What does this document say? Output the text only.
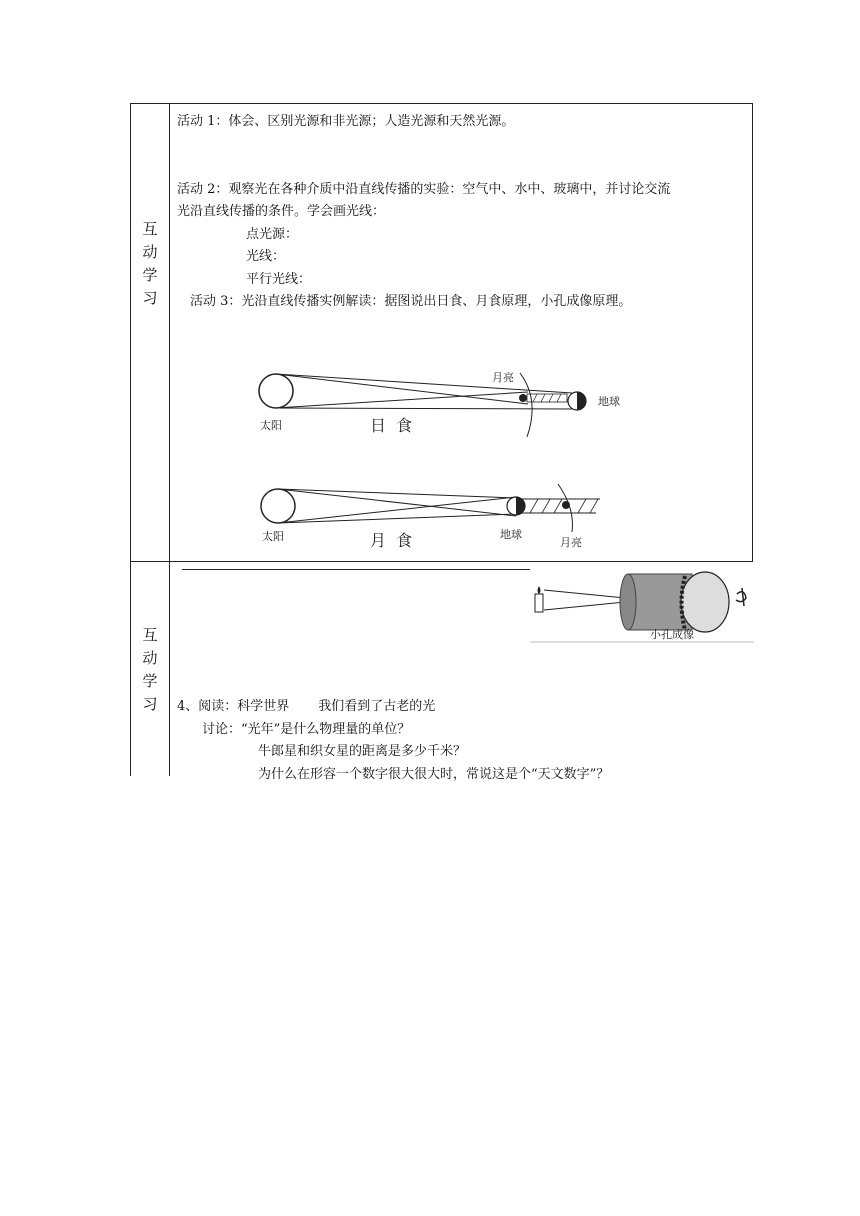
互
动
学
习
活动 1：体会、区别光源和非光源；人造光源和天然光源。
活动 2：观察光在各种介质中沿直线传播的实验：空气中、水中、玻璃中，并讨论交流
光沿直线传播的条件。学会画光线：
点光源：
光线：
平行光线：
活动 3：光沿直线传播实例解读：据图说出日食、月食原理，小孔成像原理。
太阳
月亮
地球
日  食
太阳	地球
月亮
月  食
互
动
学
习
小孔成像
4、阅读：科学世界       我们看到了古老的光
讨论：“光年”是什么物理量的单位？
牛郎星和织女星的距离是多少千米？
为什么在形容一个数字很大很大时，常说这是个“天文数字”？
